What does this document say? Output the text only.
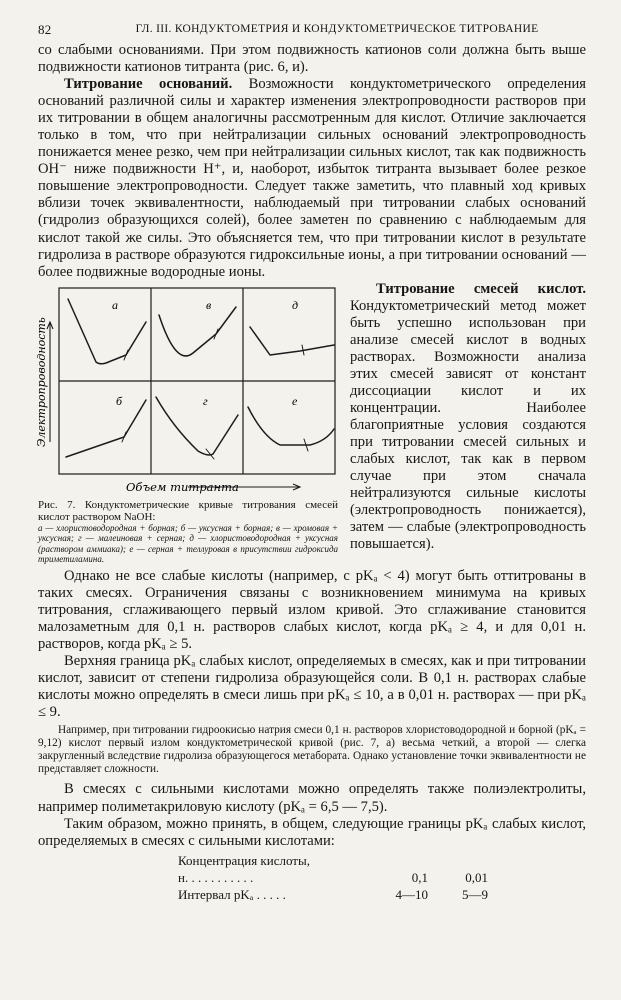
82	ГЛ. III. КОНДУКТОМЕТРИЯ И КОНДУКТОМЕТРИЧЕСКОЕ ТИТРОВАНИЕ

со слабыми основаниями. При этом подвижность катионов соли должна быть выше подвижности катионов титранта (рис. 6, и).

Титрование оснований. Возможности кондуктометрического определения оснований различной силы и характер изменения электропроводности растворов при их титровании в общем аналогичны рассмотренным для кислот. Отличие заключается только в том, что при нейтрализации сильных оснований электропроводность понижается менее резко, чем при нейтрализации сильных кислот, так как подвижность OH⁻ ниже подвижности H⁺, и, наоборот, избыток титранта вызывает более резкое повышение электропроводности. Следует также заметить, что плавный ход кривых вблизи точек эквивалентности, наблюдаемый при титровании слабых оснований (гидролиз образующихся солей), более заметен по сравнению с наблюдаемым для кислот такой же силы. Это объясняется тем, что при титровании кислот в результате гидролиза в растворе образуются гидроксильные ионы, а при титровании оснований — более подвижные водородные ионы.

Электропроводность
Объем титранта
а	в	д
б	г	е
Рис. 7. Кондуктометрические кривые титрования смесей кислот раствором NaOH:
а — хлористоводородная + борная; б — уксусная + борная; в — хромовая + уксусная; г — малеиновая + серная; д — хлористоводородная + уксусная (раствором аммиака); е — серная + теллуровая в присутствии гидроксида триметиламина.

Титрование смесей кислот. Кондуктометрический метод может быть успешно использован при анализе смесей кислот в водных растворах. Возможности анализа этих смесей зависят от констант диссоциации кислот и их концентрации. Наиболее благоприятные условия создаются при титровании смесей сильных и слабых кислот, так как в первом случае при этом сначала нейтрализуются сильные кислоты (электропроводность понижается), затем — слабые (электропроводность повышается).

Однако не все слабые кислоты (например, с pKₐ < 4) могут быть оттитрованы в таких смесях. Ограничения связаны с возникновением минимума на кривых титрования, сглаживающего первый излом кривой. Это сглаживание становится малозаметным для 0,1 н. растворов слабых кислот, когда pKₐ ≥ 4, и для 0,01 н. растворов, когда pKₐ ≥ 5.

Верхняя граница pKₐ слабых кислот, определяемых в смесях, как и при титровании кислот, зависит от степени гидролиза образующейся соли. В 0,1 н. растворах слабые кислоты можно определять в смеси лишь при pKₐ ≤ 10, а в 0,01 н. растворах — при pKₐ ≤ 9.

Например, при титровании гидроокисью натрия смеси 0,1 н. растворов хлористоводородной и борной (pKₐ = 9,12) кислот первый излом кондуктометрической кривой (рис. 7, а) весьма четкий, а второй — слегка закругленный вследствие гидролиза образующегося метабората. Однако установление точки эквивалентности не представляет сложности.

В смесях с сильными кислотами можно определять также полиэлектролиты, например полиметакриловую кислоту (pKₐ = 6,5 — 7,5).

Таким образом, можно принять, в общем, следующие границы pKₐ слабых кислот, определяемых в смесях с сильными кислотами:

Концентрация кислоты,
н. . . . . . . . . . .	0,1	0,01
Интервал pKₐ . . . . .	4—10	5—9
